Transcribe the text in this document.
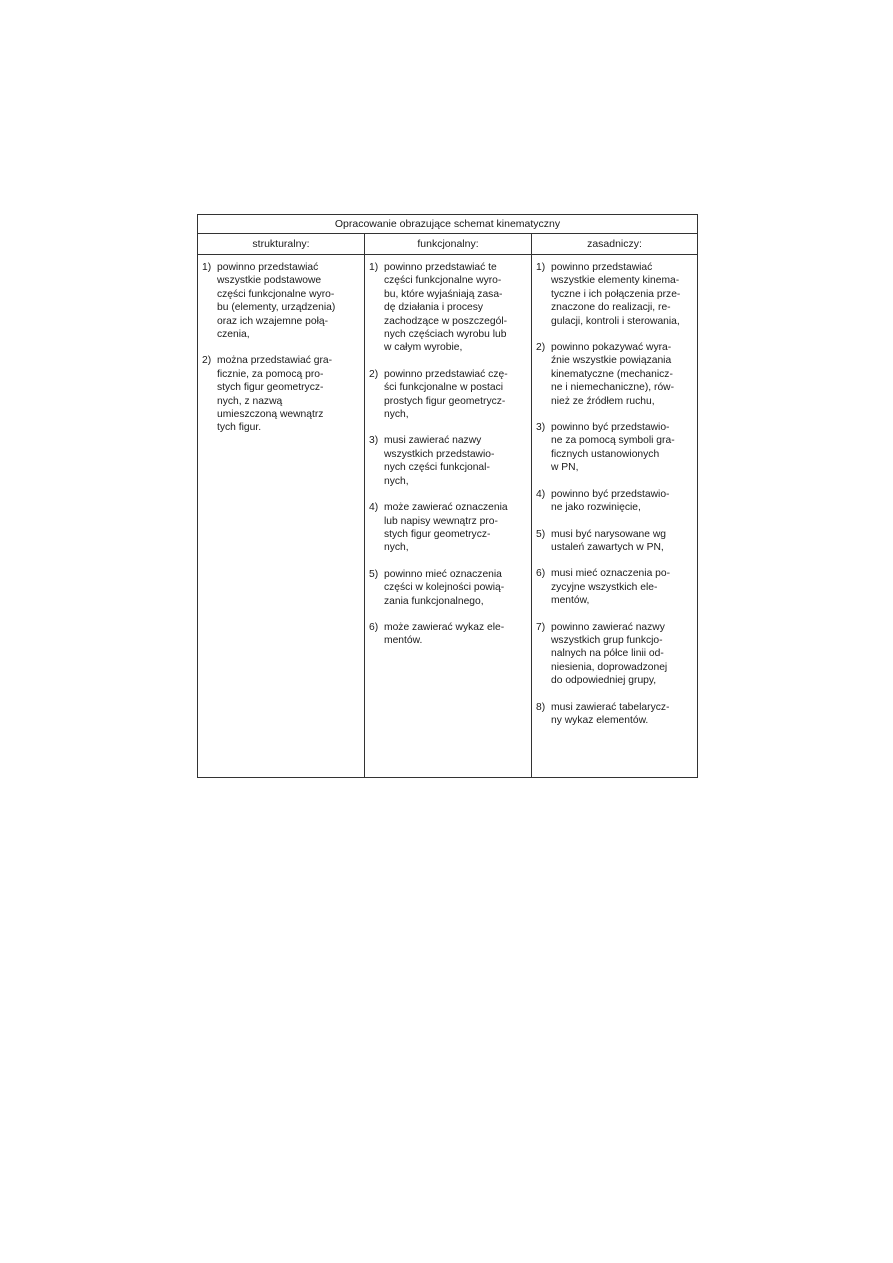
Opracowanie obrazujące schemat kinematyczny
strukturalny:	funkcjonalny:	zasadniczy:
1) powinno przedstawiać
wszystkie podstawowe
części funkcjonalne wyro-
bu (elementy, urządzenia)
oraz ich wzajemne połą-
czenia,
2) można przedstawiać gra-
ficznie, za pomocą pro-
stych figur geometrycz-
nych, z nazwą
umieszczoną wewnątrz
tych figur.
1) powinno przedstawiać te
części funkcjonalne wyro-
bu, które wyjaśniają zasa-
dę działania i procesy
zachodzące w poszczegól-
nych częściach wyrobu lub
w całym wyrobie,
2) powinno przedstawiać czę-
ści funkcjonalne w postaci
prostych figur geometrycz-
nych,
3) musi zawierać nazwy
wszystkich przedstawio-
nych części funkcjonal-
nych,
4) może zawierać oznaczenia
lub napisy wewnątrz pro-
stych figur geometrycz-
nych,
5) powinno mieć oznaczenia
części w kolejności powią-
zania funkcjonalnego,
6) może zawierać wykaz ele-
mentów.
1) powinno przedstawiać
wszystkie elementy kinema-
tyczne i ich połączenia prze-
znaczone do realizacji, re-
gulacji, kontroli i sterowania,
2) powinno pokazywać wyra-
źnie wszystkie powiązania
kinematyczne (mechanicz-
ne i niemechaniczne), rów-
nież ze źródłem ruchu,
3) powinno być przedstawio-
ne za pomocą symboli gra-
ficznych ustanowionych
w PN,
4) powinno być przedstawio-
ne jako rozwinięcie,
5) musi być narysowane wg
ustaleń zawartych w PN,
6) musi mieć oznaczenia po-
zycyjne wszystkich ele-
mentów,
7) powinno zawierać nazwy
wszystkich grup funkcjo-
nalnych na półce linii od-
niesienia, doprowadzonej
do odpowiedniej grupy,
8) musi zawierać tabelarycz-
ny wykaz elementów.
